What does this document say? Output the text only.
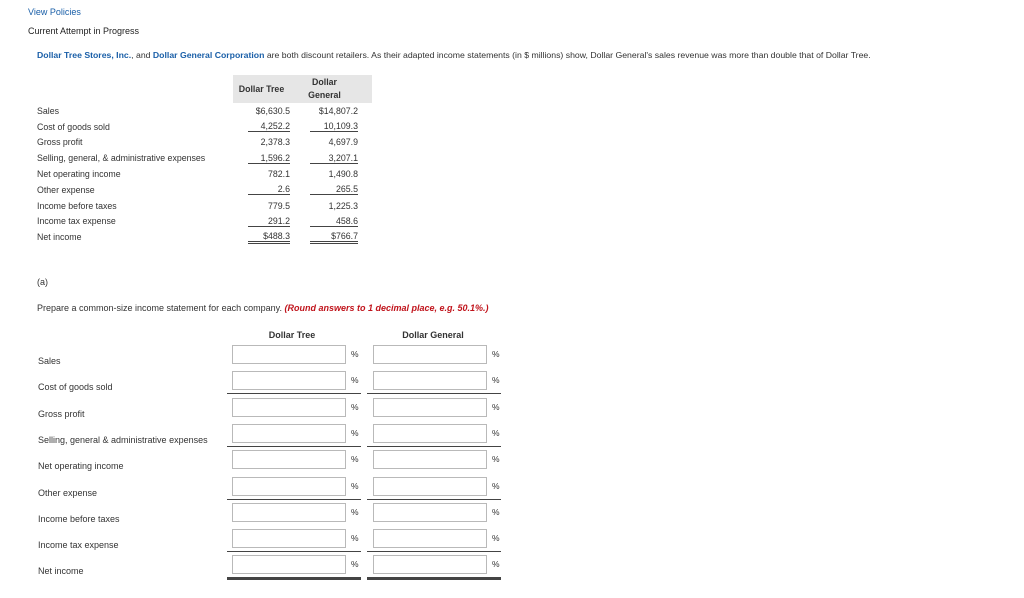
View Policies
Current Attempt in Progress
Dollar Tree Stores, Inc., and Dollar General Corporation are both discount retailers. As their adapted income statements (in $ millions) show, Dollar General's sales revenue was more than double that of Dollar Tree.
	Dollar Tree	Dollar
General
Sales	$6,630.5	$14,807.2
Cost of goods sold	4,252.2	10,109.3
Gross profit	2,378.3	4,697.9
Selling, general, & administrative expenses	1,596.2	3,207.1
Net operating income	782.1	1,490.8
Other expense	2.6	265.5
Income before taxes	779.5	1,225.3
Income tax expense	291.2	458.6
Net income	$488.3	$766.7
(a)
Prepare a common-size income statement for each company. (Round answers to 1 decimal place, e.g. 50.1%.)
Dollar Tree	Dollar General
Sales
%	%
Cost of goods sold
%	%
Gross profit
%	%
Selling, general & administrative expenses
%	%
Net operating income
%	%
Other expense
%	%
Income before taxes
%	%
Income tax expense
%	%
Net income
%	%
